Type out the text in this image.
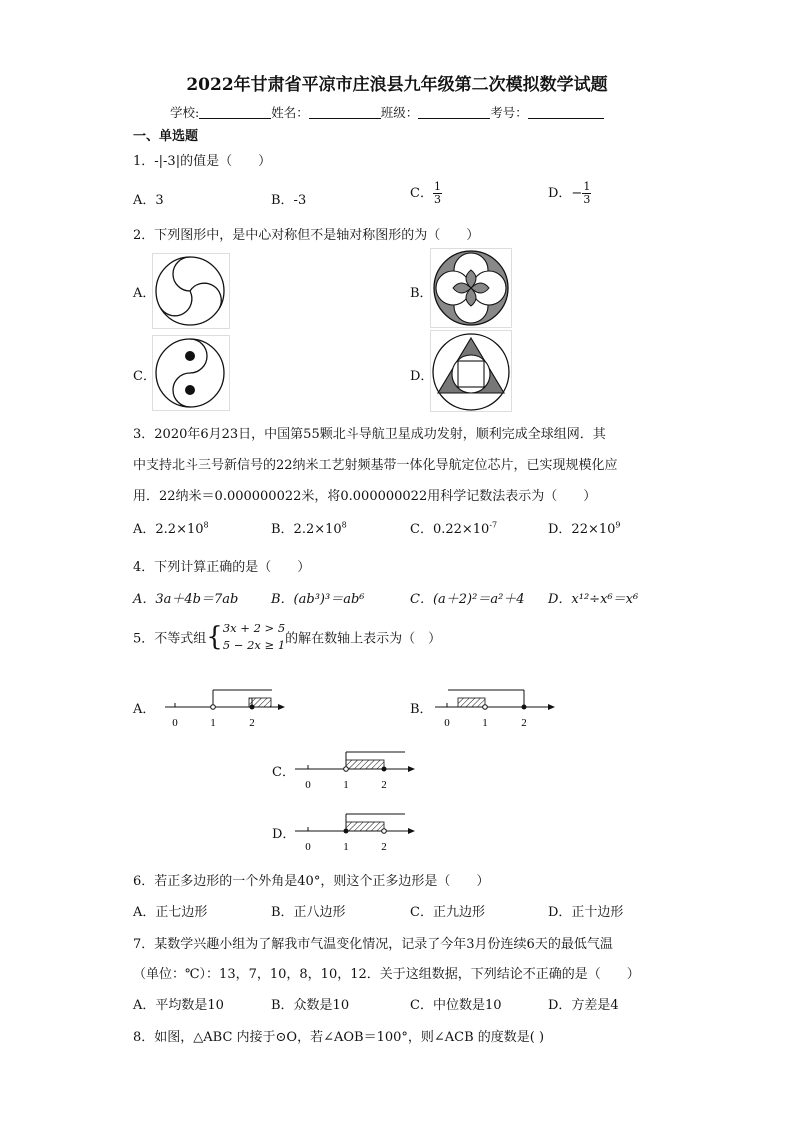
2022年甘肃省平凉市庄浪县九年级第二次模拟数学试题
学校:	姓名：	班级：	考号：
一、单选题
1．-|-3|的值是（　　）
A．3	B．-3	C． $\frac{1}{3}$	D．− $\frac{1}{3}$
2．下列图形中，是中心对称但不是轴对称图形的为（　　）
A．	B．
C．	D．
3．2020年6月23日，中国第55颗北斗导航卫星成功发射，顺利完成全球组网．其
中支持北斗三号新信号的22纳米工艺射频基带一体化导航定位芯片，已实现规模化应
用．22纳米＝0.000000022米，将0.000000022用科学记数法表示为（　　）
A．$2.2\times 10^8$	B．$2.2\times 10^8$	C．$0.22\times 10^{-7}$	D．$22\times 10^9$
4．下列计算正确的是（　　）
A．3a＋4b＝7ab	B．(ab³)³＝ab⁶	C．(a＋2)²＝a²＋4 D．x¹²÷x⁶＝x⁶
5．不等式组{3x + 2 > 5
5 − 2x ≥ 1的解在数轴上表示为（　）
A．	B．
C．
D．
0	1	2	0	1	2
0	1	2
0	1	2
6．若正多边形的一个外角是40°，则这个正多边形是（　　）
A．正七边形	B．正八边形	C．正九边形	D．正十边形
7．某数学兴趣小组为了解我市气温变化情况，记录了今年3月份连续6天的最低气温
（单位：℃）：13，7，10，8，10，12．关于这组数据，下列结论不正确的是（　　）
A．平均数是10	B．众数是10	C．中位数是10	D．方差是4
8．如图，△ABC 内接于⊙O，若∠AOB＝100°，则∠ACB 的度数是( )
